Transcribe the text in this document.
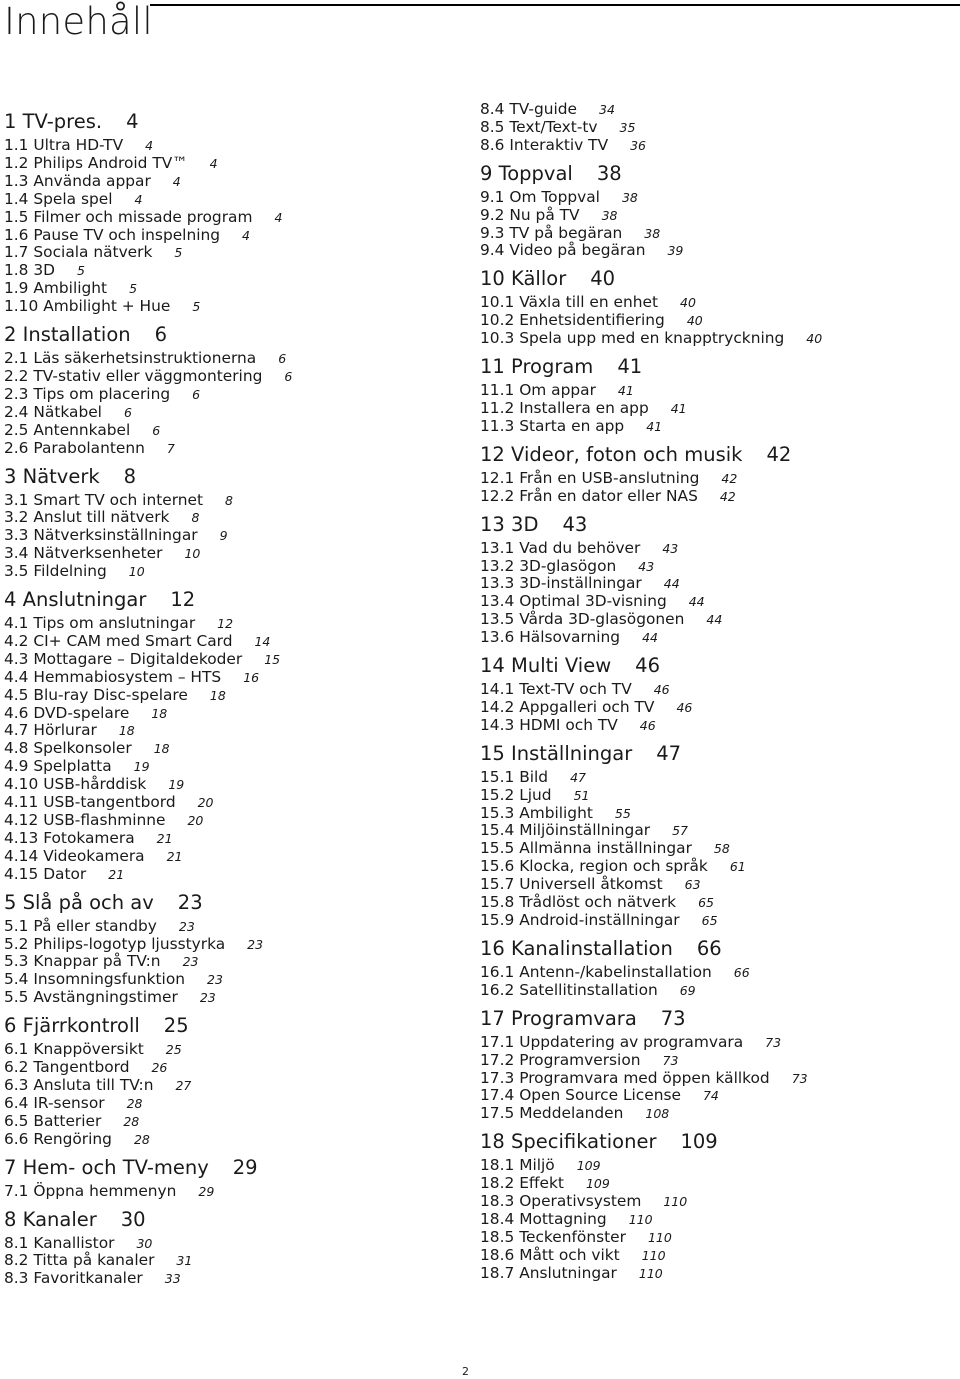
Innehåll
1 TV-pres. 4
1.1 Ultra HD-TV 4
1.2 Philips Android TV™ 4
1.3 Använda appar 4
1.4 Spela spel 4
1.5 Filmer och missade program 4
1.6 Pause TV och inspelning 4
1.7 Sociala nätverk 5
1.8 3D 5
1.9 Ambilight 5
1.10 Ambilight + Hue 5
2 Installation 6
2.1 Läs säkerhetsinstruktionerna 6
2.2 TV-stativ eller väggmontering 6
2.3 Tips om placering 6
2.4 Nätkabel 6
2.5 Antennkabel 6
2.6 Parabolantenn 7
3 Nätverk 8
3.1 Smart TV och internet 8
3.2 Anslut till nätverk 8
3.3 Nätverksinställningar 9
3.4 Nätverksenheter 10
3.5 Fildelning 10
4 Anslutningar 12
4.1 Tips om anslutningar 12
4.2 CI+ CAM med Smart Card 14
4.3 Mottagare – Digitaldekoder 15
4.4 Hemmabiosystem – HTS 16
4.5 Blu-ray Disc-spelare 18
4.6 DVD-spelare 18
4.7 Hörlurar 18
4.8 Spelkonsoler 18
4.9 Spelplatta 19
4.10 USB-hårddisk 19
4.11 USB-tangentbord 20
4.12 USB-flashminne 20
4.13 Fotokamera 21
4.14 Videokamera 21
4.15 Dator 21
5 Slå på och av 23
5.1 På eller standby 23
5.2 Philips-logotyp ljusstyrka 23
5.3 Knappar på TV:n 23
5.4 Insomningsfunktion 23
5.5 Avstängningstimer 23
6 Fjärrkontroll 25
6.1 Knappöversikt 25
6.2 Tangentbord 26
6.3 Ansluta till TV:n 27
6.4 IR-sensor 28
6.5 Batterier 28
6.6 Rengöring 28
7 Hem- och TV-meny 29
7.1 Öppna hemmenyn 29
8 Kanaler 30
8.1 Kanallistor 30
8.2 Titta på kanaler 31
8.3 Favoritkanaler 33
8.4 TV-guide 34
8.5 Text/Text-tv 35
8.6 Interaktiv TV 36
9 Toppval 38
9.1 Om Toppval 38
9.2 Nu på TV 38
9.3 TV på begäran 38
9.4 Video på begäran 39
10 Källor 40
10.1 Växla till en enhet 40
10.2 Enhetsidentifiering 40
10.3 Spela upp med en knapptryckning 40
11 Program 41
11.1 Om appar 41
11.2 Installera en app 41
11.3 Starta en app 41
12 Videor, foton och musik 42
12.1 Från en USB-anslutning 42
12.2 Från en dator eller NAS 42
13 3D 43
13.1 Vad du behöver 43
13.2 3D-glasögon 43
13.3 3D-inställningar 44
13.4 Optimal 3D-visning 44
13.5 Vårda 3D-glasögonen 44
13.6 Hälsovarning 44
14 Multi View 46
14.1 Text-TV och TV 46
14.2 Appgalleri och TV 46
14.3 HDMI och TV 46
15 Inställningar 47
15.1 Bild 47
15.2 Ljud 51
15.3 Ambilight 55
15.4 Miljöinställningar 57
15.5 Allmänna inställningar 58
15.6 Klocka, region och språk 61
15.7 Universell åtkomst 63
15.8 Trådlöst och nätverk 65
15.9 Android-inställningar 65
16 Kanalinstallation 66
16.1 Antenn-/kabelinstallation 66
16.2 Satellitinstallation 69
17 Programvara 73
17.1 Uppdatering av programvara 73
17.2 Programversion 73
17.3 Programvara med öppen källkod 73
17.4 Open Source License 74
17.5 Meddelanden 108
18 Specifikationer 109
18.1 Miljö 109
18.2 Effekt 109
18.3 Operativsystem 110
18.4 Mottagning 110
18.5 Teckenfönster 110
18.6 Mått och vikt 110
18.7 Anslutningar 110
2
